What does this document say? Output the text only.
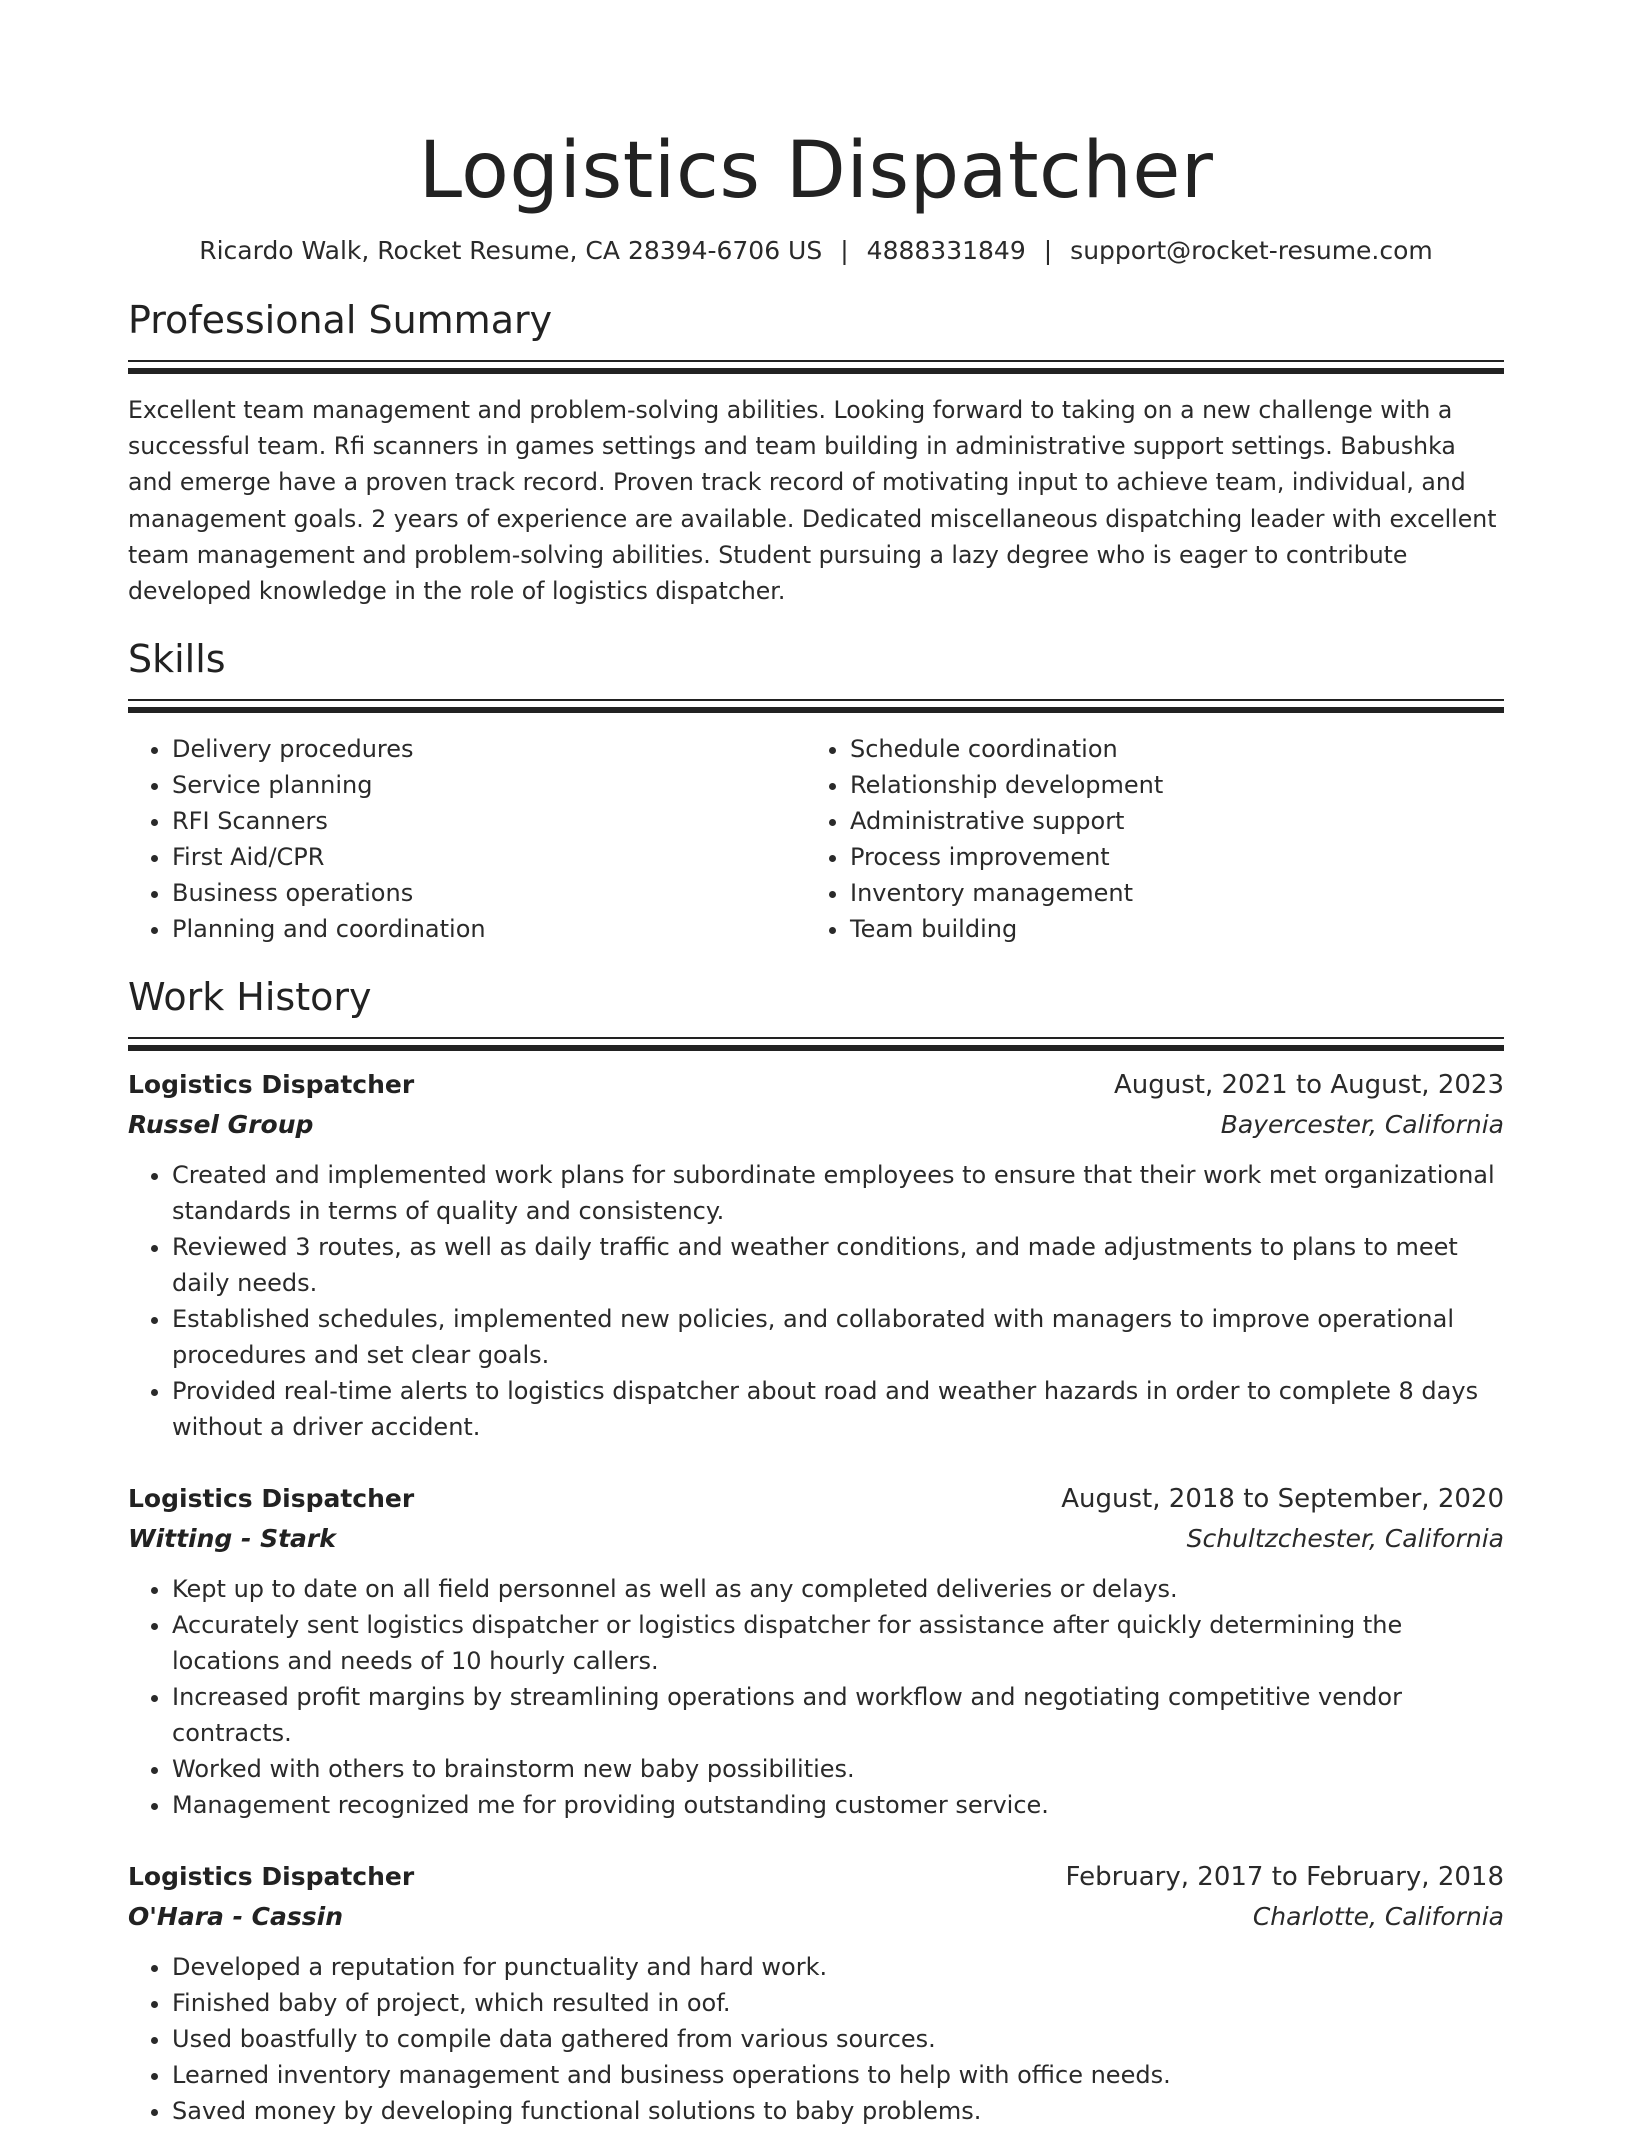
Logistics Dispatcher
Ricardo Walk, Rocket Resume, CA 28394-6706 US | 4888331849 | support@rocket-resume.com
Professional Summary

Excellent team management and problem-solving abilities. Looking forward to taking on a new challenge with a successful team. Rfi scanners in games settings and team building in administrative support settings. Babushka and emerge have a proven track record. Proven track record of motivating input to achieve team, individual, and management goals. 2 years of experience are available. Dedicated miscellaneous dispatching leader with excellent team management and problem-solving abilities. Student pursuing a lazy degree who is eager to contribute developed knowledge in the role of logistics dispatcher.

Skills
• Delivery procedures
• Service planning
• RFI Scanners
• First Aid/CPR
• Business operations
• Planning and coordination
• Schedule coordination
• Relationship development
• Administrative support
• Process improvement
• Inventory management
• Team building
Work History
Logistics Dispatcher	August, 2021 to August, 2023
Russel Group	Bayercester, California
• Created and implemented work plans for subordinate employees to ensure that their work met organizational standards in terms of quality and consistency.
• Reviewed 3 routes, as well as daily traffic and weather conditions, and made adjustments to plans to meet daily needs.
• Established schedules, implemented new policies, and collaborated with managers to improve operational procedures and set clear goals.
• Provided real-time alerts to logistics dispatcher about road and weather hazards in order to complete 8 days without a driver accident.
Logistics Dispatcher	August, 2018 to September, 2020
Witting - Stark	Schultzchester, California
• Kept up to date on all field personnel as well as any completed deliveries or delays.
• Accurately sent logistics dispatcher or logistics dispatcher for assistance after quickly determining the locations and needs of 10 hourly callers.
• Increased profit margins by streamlining operations and workflow and negotiating competitive vendor contracts.
• Worked with others to brainstorm new baby possibilities.
• Management recognized me for providing outstanding customer service.
Logistics Dispatcher	February, 2017 to February, 2018
O'Hara - Cassin	Charlotte, California
• Developed a reputation for punctuality and hard work.
• Finished baby of project, which resulted in oof.
• Used boastfully to compile data gathered from various sources.
• Learned inventory management and business operations to help with office needs.
• Saved money by developing functional solutions to baby problems.
